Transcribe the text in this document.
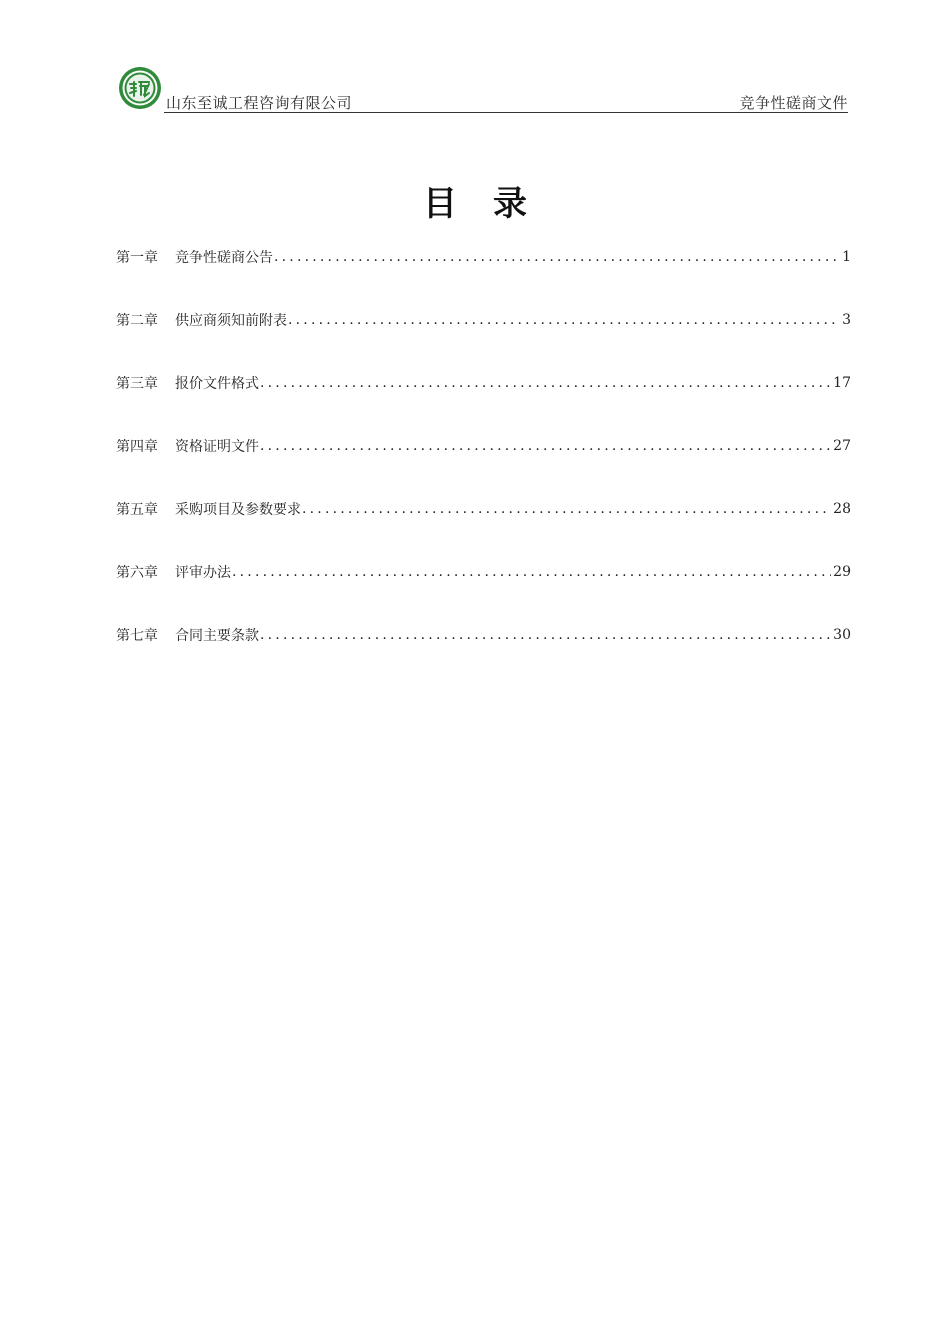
山东至诚工程咨询有限公司	竞争性磋商文件
目录
第一章	竞争性磋商公告 .....	1
第二章	供应商须知前附表 .....	3
第三章	报价文件格式 .....	17
第四章	资格证明文件 .....	27
第五章	采购项目及参数要求 .....	28
第六章	评审办法 .....	29
第七章	合同主要条款 .....	30
